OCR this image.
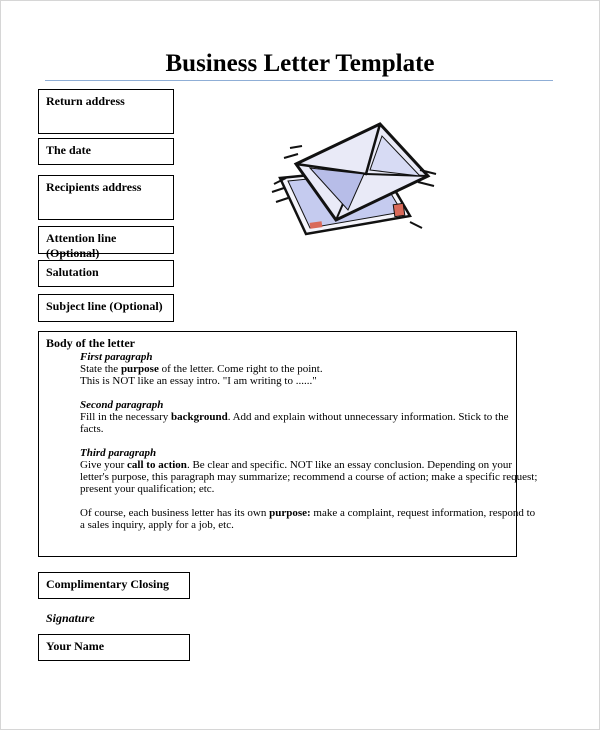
Business Letter Template
Return address
The date
Recipients address
Attention line (Optional)
Salutation
Subject line (Optional)
Body of the letter
First paragraph
State the purpose of the letter. Come right to the point.
This is NOT like an essay intro. "I am writing to ......"
Second paragraph
Fill in the necessary background. Add and explain without unnecessary information. Stick to the
facts.
Third paragraph
Give your call to action. Be clear and specific. NOT like an essay conclusion. Depending on your
letter's purpose, this paragraph may summarize; recommend a course of action; make a specific request;
present your qualification; etc.
Of course, each business letter has its own purpose: make a complaint, request information, respond to
a sales inquiry, apply for a job, etc.
Complimentary Closing
Signature
Your Name
